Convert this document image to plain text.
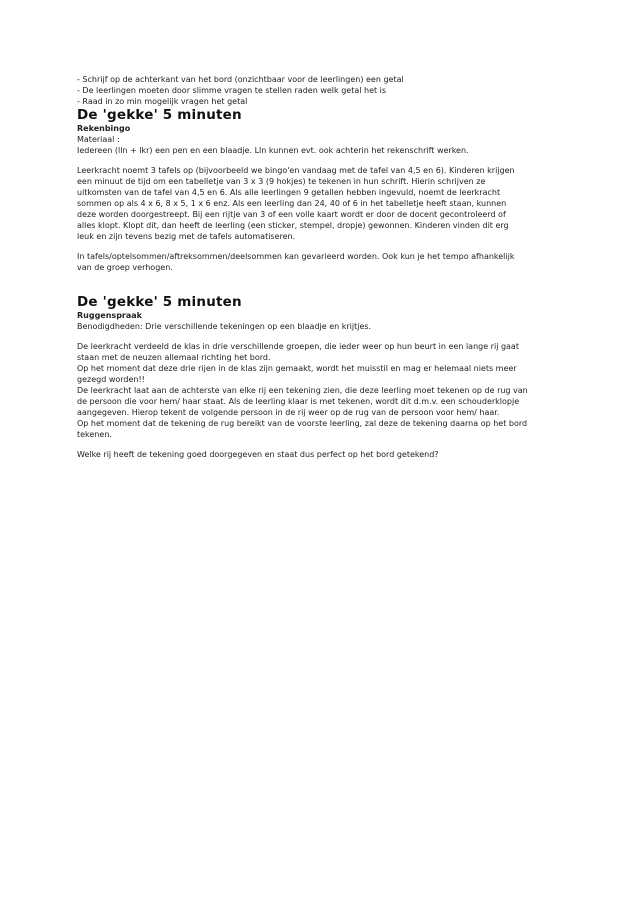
- Schrijf op de achterkant van het bord (onzichtbaar voor de leerlingen) een getal

- De leerlingen moeten door slimme vragen te stellen raden welk getal het is

- Raad in zo min mogelijk vragen het getal

De 'gekke' 5 minuten

Rekenbingo

Materiaal :

Iedereen (lln + lkr) een pen en een blaadje. Lln kunnen evt. ook achterin het rekenschrift werken.

Leerkracht noemt 3 tafels op (bijvoorbeeld we bingo'en vandaag met de tafel van 4,5 en 6). Kinderen krijgen

een minuut de tijd om een tabelletje van 3 x 3 (9 hokjes) te tekenen in hun schrift. Hierin schrijven ze

uitkomsten van de tafel van 4,5 en 6. Als alle leerlingen 9 getallen hebben ingevuld, noemt de leerkracht

sommen op als 4 x 6, 8 x 5, 1 x 6 enz. Als een leerling dan 24, 40 of 6 in het tabelletje heeft staan, kunnen

deze worden doorgestreept. Bij een rijtje van 3 of een volle kaart wordt er door de docent gecontroleerd of

alles klopt. Klopt dit, dan heeft de leerling (een sticker, stempel, dropje) gewonnen. Kinderen vinden dit erg

leuk en zijn tevens bezig met de tafels automatiseren.

In tafels/optelsommen/aftreksommen/deelsommen kan gevarieerd worden. Ook kun je het tempo afhankelijk

van de groep verhogen.

De 'gekke' 5 minuten

Ruggenspraak

Benodigdheden: Drie verschillende tekeningen op een blaadje en krijtjes.

De leerkracht verdeeld de klas in drie verschillende groepen, die ieder weer op hun beurt in een lange rij gaat

staan met de neuzen allemaal richting het bord.

Op het moment dat deze drie rijen in de klas zijn gemaakt, wordt het muisstil en mag er helemaal niets meer

gezegd worden!!

De leerkracht laat aan de achterste van elke rij een tekening zien, die deze leerling moet tekenen op de rug van

de persoon die voor hem/ haar staat. Als de leerling klaar is met tekenen, wordt dit d.m.v. een schouderklopje

aangegeven. Hierop tekent de volgende persoon in de rij weer op de rug van de persoon voor hem/ haar.

Op het moment dat de tekening de rug bereikt van de voorste leerling, zal deze de tekening daarna op het bord

tekenen.

Welke rij heeft de tekening goed doorgegeven en staat dus perfect op het bord getekend?
